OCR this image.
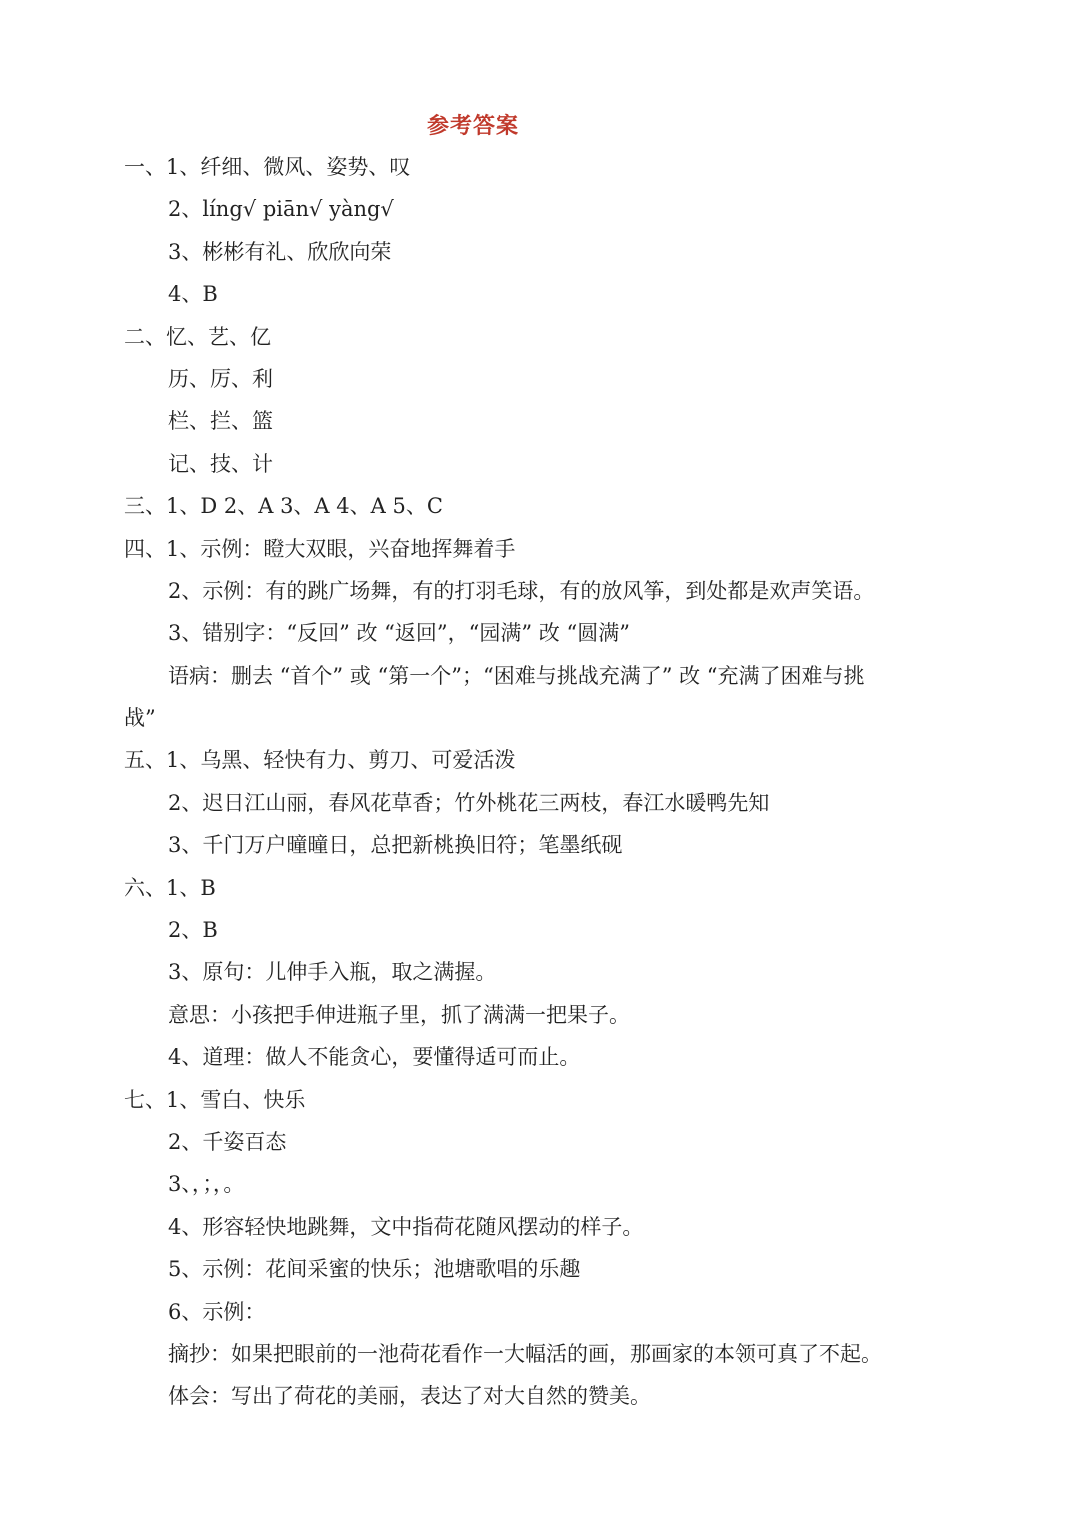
参考答案
一、1、纤细、微风、姿势、叹
2、líng√ piān√ yàng√
3、彬彬有礼、欣欣向荣
4、B
二、忆、艺、亿
历、厉、利
栏、拦、篮
记、技、计
三、1、D 2、A 3、A 4、A 5、C
四、1、示例：瞪大双眼，兴奋地挥舞着手
2、示例：有的跳广场舞，有的打羽毛球，有的放风筝，到处都是欢声笑语。
3、错别字：“反回” 改 “返回”，“园满” 改 “圆满”
语病：删去 “首个” 或 “第一个”；“困难与挑战充满了” 改 “充满了困难与挑
战”
五、1、乌黑、轻快有力、剪刀、可爱活泼
2、迟日江山丽，春风花草香；竹外桃花三两枝，春江水暖鸭先知
3、千门万户曈曈日，总把新桃换旧符；笔墨纸砚
六、1、B
2、B
3、原句：儿伸手入瓶，取之满握。
意思：小孩把手伸进瓶子里，抓了满满一把果子。
4、道理：做人不能贪心，要懂得适可而止。
七、1、雪白、快乐
2、千姿百态
3、，；，。
4、形容轻快地跳舞，文中指荷花随风摆动的样子。
5、示例：花间采蜜的快乐；池塘歌唱的乐趣
6、示例：
摘抄：如果把眼前的一池荷花看作一大幅活的画，那画家的本领可真了不起。
体会：写出了荷花的美丽，表达了对大自然的赞美。
